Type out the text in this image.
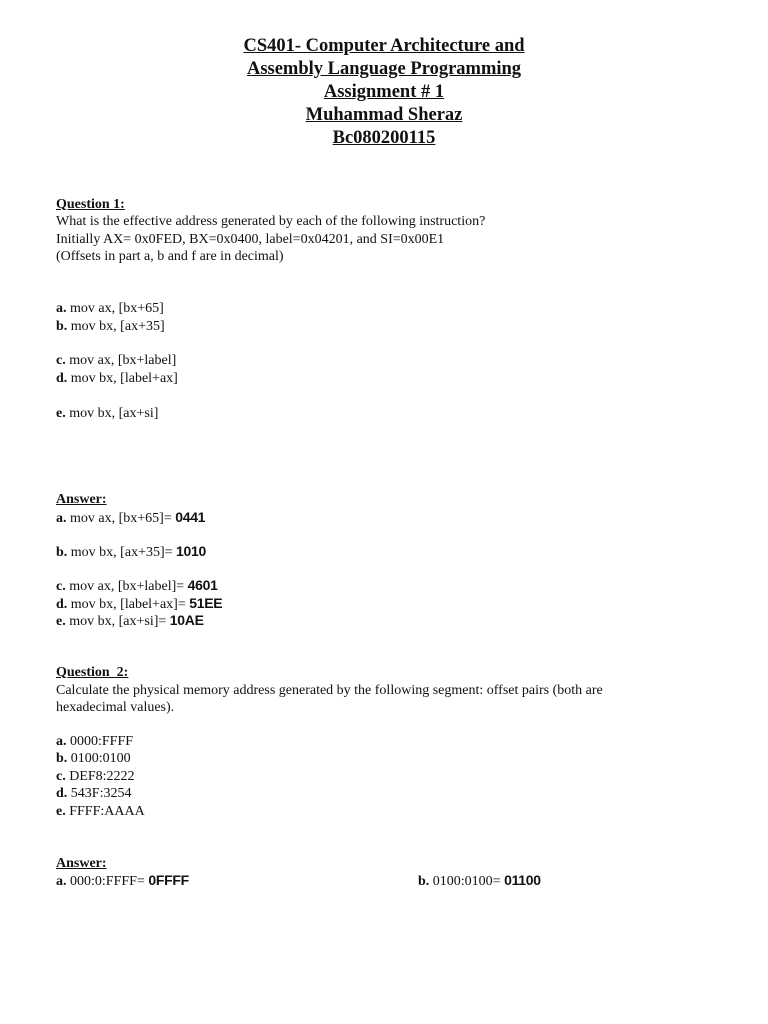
CS401- Computer Architecture and
Assembly Language Programming
Assignment # 1
Muhammad Sheraz
Bc080200115
Question 1:
What is the effective address generated by each of the following instruction?
Initially AX= 0x0FED, BX=0x0400, label=0x04201, and SI=0x00E1
(Offsets in part a, b and f are in decimal)
a. mov ax, [bx+65]
b. mov bx, [ax+35]
c. mov ax, [bx+label]
d. mov bx, [label+ax]
e. mov bx, [ax+si]
Answer:
a. mov ax, [bx+65]= 0441
b. mov bx, [ax+35]= 1010
c. mov ax, [bx+label]= 4601
d. mov bx, [label+ax]= 51EE
e. mov bx, [ax+si]= 10AE
Question_2:
Calculate the physical memory address generated by the following segment: offset pairs (both are
hexadecimal values).
a. 0000:FFFF
b. 0100:0100
c. DEF8:2222
d. 543F:3254
e. FFFF:AAAA
Answer:
a. 000:0:FFFF= 0FFFF	b. 0100:0100= 01100
